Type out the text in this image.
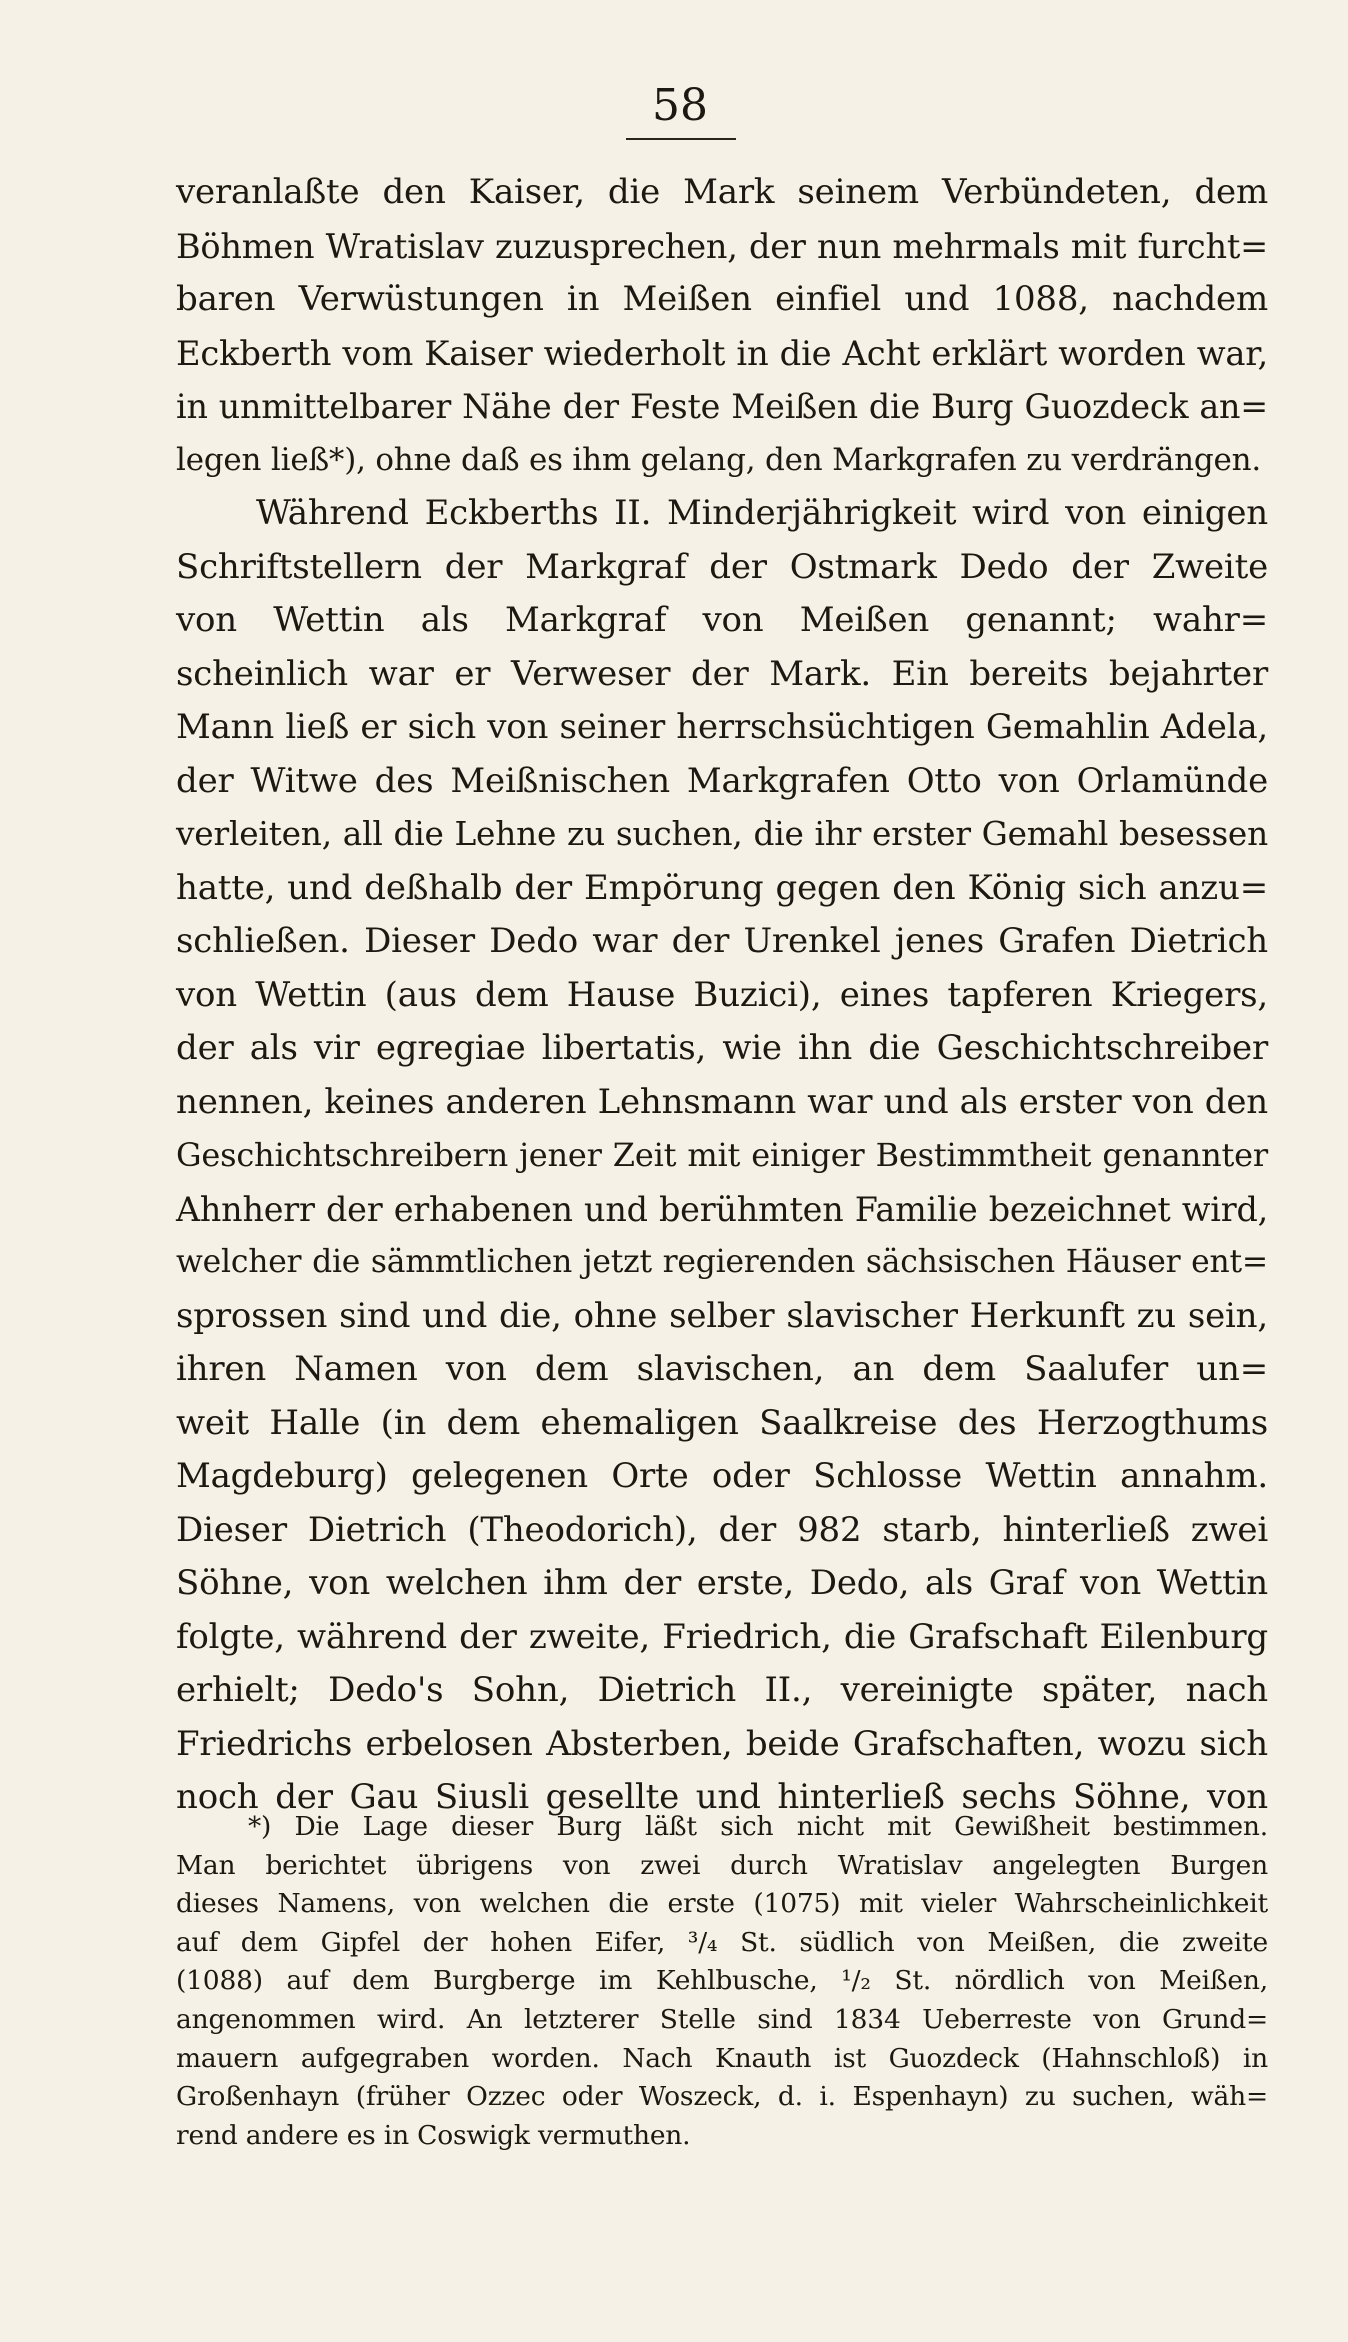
58
veranlaßte den Kaiser, die Mark seinem Verbündeten, dem
Böhmen Wratislav zuzusprechen, der nun mehrmals mit furcht=
baren Verwüstungen in Meißen einfiel und 1088, nachdem
Eckberth vom Kaiser wiederholt in die Acht erklärt worden war,
in unmittelbarer Nähe der Feste Meißen die Burg Guozdeck an=
legen ließ*), ohne daß es ihm gelang, den Markgrafen zu verdrängen.
Während Eckberths II. Minderjährigkeit wird von einigen
Schriftstellern der Markgraf der Ostmark Dedo der Zweite
von Wettin als Markgraf von Meißen genannt; wahr=
scheinlich war er Verweser der Mark. Ein bereits bejahrter
Mann ließ er sich von seiner herrschsüchtigen Gemahlin Adela,
der Witwe des Meißnischen Markgrafen Otto von Orlamünde
verleiten, all die Lehne zu suchen, die ihr erster Gemahl besessen
hatte, und deßhalb der Empörung gegen den König sich anzu=
schließen. Dieser Dedo war der Urenkel jenes Grafen Dietrich
von Wettin (aus dem Hause Buzici), eines tapferen Kriegers,
der als vir egregiae libertatis, wie ihn die Geschichtschreiber
nennen, keines anderen Lehnsmann war und als erster von den
Geschichtschreibern jener Zeit mit einiger Bestimmtheit genannter
Ahnherr der erhabenen und berühmten Familie bezeichnet wird,
welcher die sämmtlichen jetzt regierenden sächsischen Häuser ent=
sprossen sind und die, ohne selber slavischer Herkunft zu sein,
ihren Namen von dem slavischen, an dem Saalufer un=
weit Halle (in dem ehemaligen Saalkreise des Herzogthums
Magdeburg) gelegenen Orte oder Schlosse Wettin annahm.
Dieser Dietrich (Theodorich), der 982 starb, hinterließ zwei
Söhne, von welchen ihm der erste, Dedo, als Graf von Wettin
folgte, während der zweite, Friedrich, die Grafschaft Eilenburg
erhielt; Dedo's Sohn, Dietrich II., vereinigte später, nach
Friedrichs erbelosen Absterben, beide Grafschaften, wozu sich
noch der Gau Siusli gesellte und hinterließ sechs Söhne, von
*) Die Lage dieser Burg läßt sich nicht mit Gewißheit bestimmen.
Man berichtet übrigens von zwei durch Wratislav angelegten Burgen
dieses Namens, von welchen die erste (1075) mit vieler Wahrscheinlichkeit
auf dem Gipfel der hohen Eifer, ³/₄ St. südlich von Meißen, die zweite
(1088) auf dem Burgberge im Kehlbusche, ¹/₂ St. nördlich von Meißen,
angenommen wird. An letzterer Stelle sind 1834 Ueberreste von Grund=
mauern aufgegraben worden. Nach Knauth ist Guozdeck (Hahnschloß) in
Großenhayn (früher Ozzec oder Woszeck, d. i. Espenhayn) zu suchen, wäh=
rend andere es in Coswigk vermuthen.
